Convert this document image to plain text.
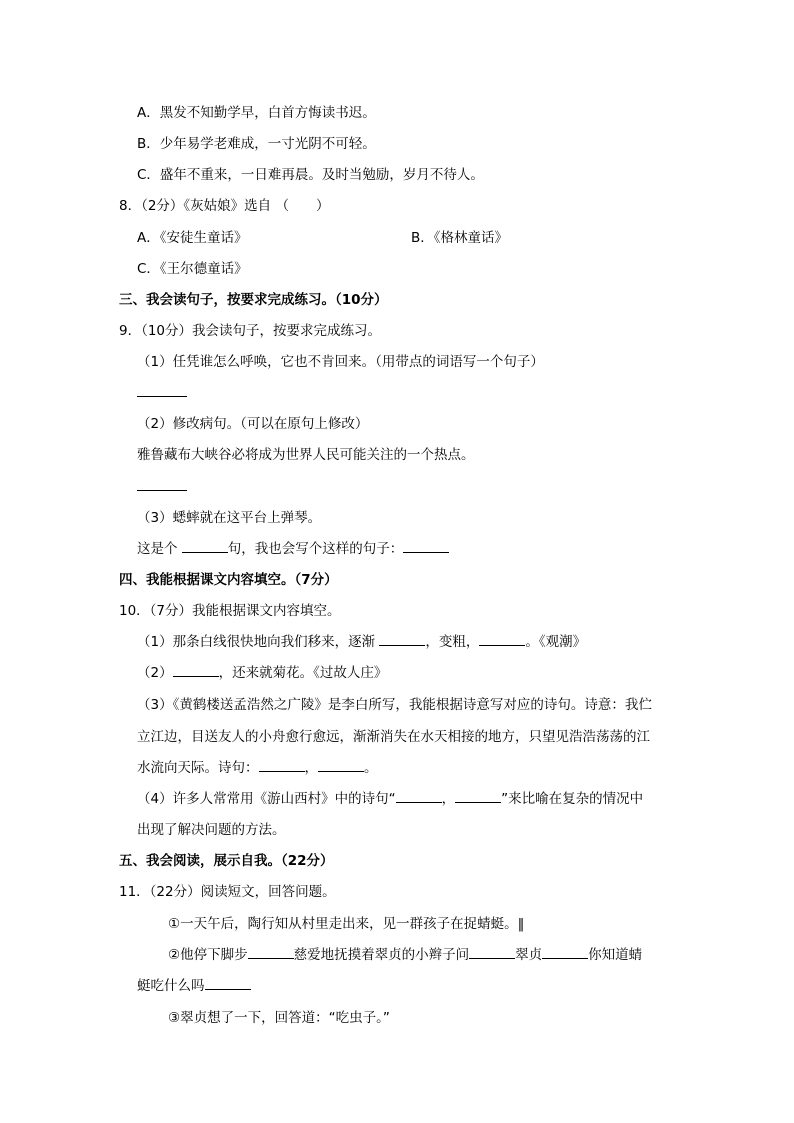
A．黑发不知勤学早，白首方悔读书迟。
B．少年易学老难成，一寸光阴不可轻。
C．盛年不重来，一日难再晨。及时当勉励，岁月不待人。
8．（2分）《灰姑娘》选自 （　　）
A．《安徒生童话》	B．《格林童话》
C．《王尔德童话》
三、我会读句子，按要求完成练习。（10分）
9．（10分）我会读句子，按要求完成练习。
（1）任凭谁怎么呼唤，它也不肯回来。（用带点的词语写一个句子）
（2）修改病句。（可以在原句上修改）
雅鲁藏布大峡谷必将成为世界人民可能关注的一个热点。
（3）蟋蟀就在这平台上弹琴。
这是个	句，我也会写个这样的句子：
四、我能根据课文内容填空。（7分）
10．（7分）我能根据课文内容填空。
（1）那条白线很快地向我们移来，逐渐	，变粗，	。《观潮》
（2）	，还来就菊花。《过故人庄》
（3）《黄鹤楼送孟浩然之广陵》是李白所写，我能根据诗意写对应的诗句。诗意：我伫
立江边，目送友人的小舟愈行愈远，渐渐消失在水天相接的地方，只望见浩浩荡荡的江
水流向天际。诗句：	，	。
（4）许多人常常用《游山西村》中的诗句“	，	”来比喻在复杂的情况中
出现了解决问题的方法。
五、我会阅读，展示自我。（22分）
11．（22分）阅读短文，回答问题。
①一天午后，陶行知从村里走出来，见一群孩子在捉蜻蜓。‖
②他停下脚步	慈爱地抚摸着翠贞的小辫子问	翠贞	你知道蜻
蜓吃什么吗
③翠贞想了一下，回答道：“吃虫子。”
